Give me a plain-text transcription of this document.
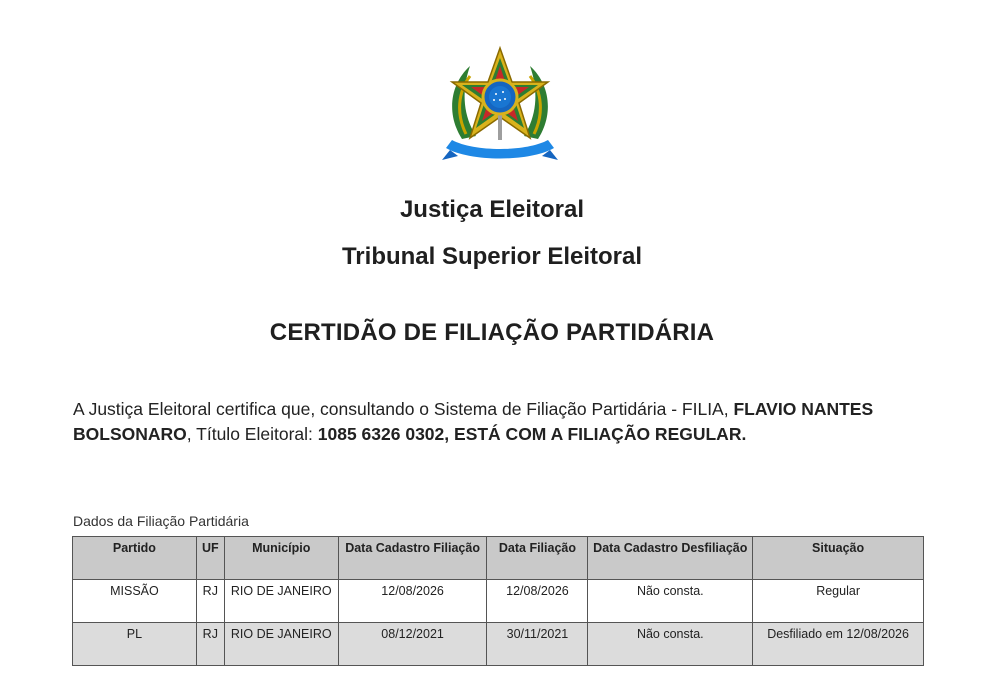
Justiça Eleitoral
Tribunal Superior Eleitoral
CERTIDÃO DE FILIAÇÃO PARTIDÁRIA
A Justiça Eleitoral certifica que, consultando o Sistema de Filiação Partidária - FILIA, FLAVIO NANTES BOLSONARO, Título Eleitoral: 1085 6326 0302, ESTÁ COM A FILIAÇÃO REGULAR.
Dados da Filiação Partidária
Partido	UF	Município	Data Cadastro Filiação	Data Filiação	Data Cadastro Desfiliação	Situação
MISSÃO	RJ	RIO DE JANEIRO	12/08/2026	12/08/2026	Não consta.	Regular
PL	RJ	RIO DE JANEIRO	08/12/2021	30/11/2021	Não consta.	Desfiliado em 12/08/2026
